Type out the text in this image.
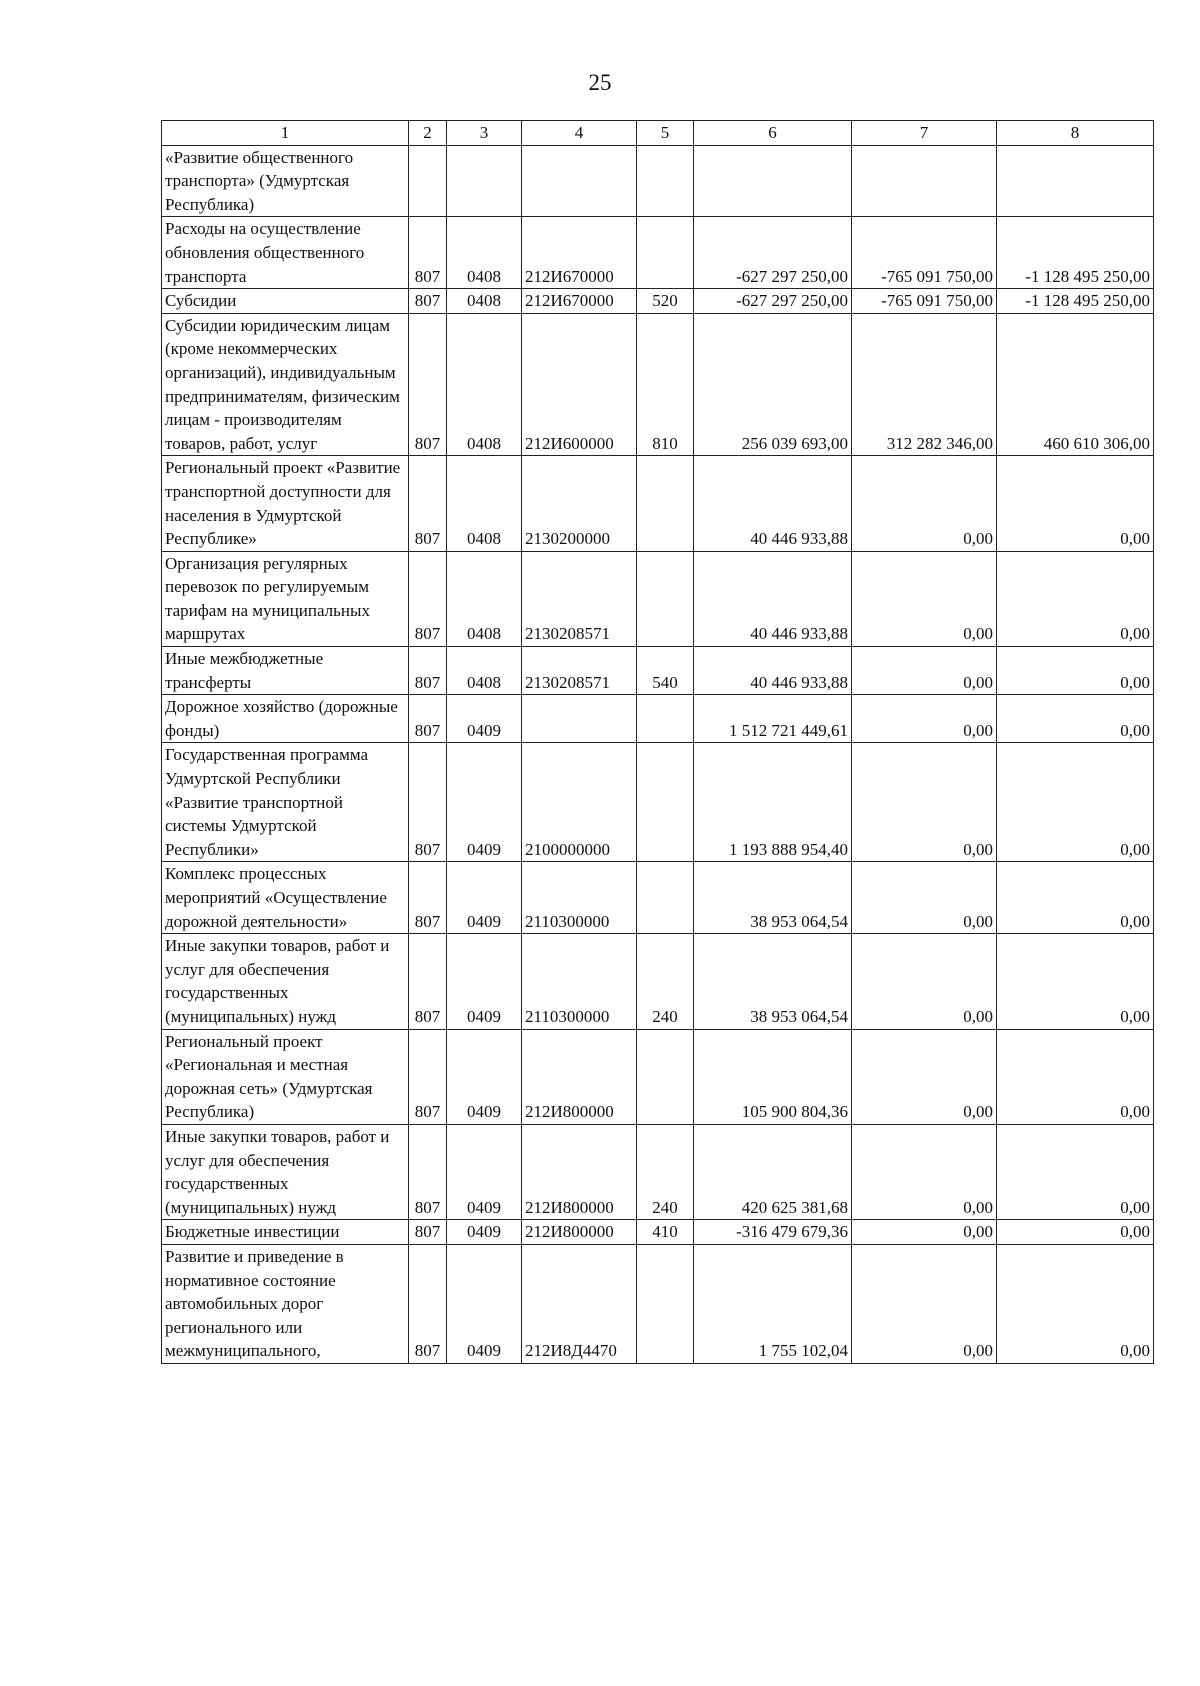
25
1	2	3	4	5	6	7	8
«Развитие общественного транспорта» (Удмуртская Республика)							
Расходы на осуществление обновления общественного транспорта	807	0408	212И670000		-627 297 250,00	-765 091 750,00	-1 128 495 250,00
Субсидии	807	0408	212И670000	520	-627 297 250,00	-765 091 750,00	-1 128 495 250,00
Субсидии юридическим лицам (кроме некоммерческих организаций), индивидуальным предпринимателям, физическим лицам - производителям товаров, работ, услуг	807	0408	212И600000	810	256 039 693,00	312 282 346,00	460 610 306,00
Региональный проект «Развитие транспортной доступности для населения в Удмуртской Республике»	807	0408	2130200000		40 446 933,88	0,00	0,00
Организация регулярных перевозок по регулируемым тарифам на муниципальных маршрутах	807	0408	2130208571		40 446 933,88	0,00	0,00
Иные межбюджетные трансферты	807	0408	2130208571	540	40 446 933,88	0,00	0,00
Дорожное хозяйство (дорожные фонды)	807	0409			1 512 721 449,61	0,00	0,00
Государственная программа Удмуртской Республики «Развитие транспортной системы Удмуртской Республики»	807	0409	2100000000		1 193 888 954,40	0,00	0,00
Комплекс процессных мероприятий «Осуществление дорожной деятельности»	807	0409	2110300000		38 953 064,54	0,00	0,00
Иные закупки товаров, работ и услуг для обеспечения государственных (муниципальных) нужд	807	0409	2110300000	240	38 953 064,54	0,00	0,00
Региональный проект «Региональная и местная дорожная сеть» (Удмуртская Республика)	807	0409	212И800000		105 900 804,36	0,00	0,00
Иные закупки товаров, работ и услуг для обеспечения государственных (муниципальных) нужд	807	0409	212И800000	240	420 625 381,68	0,00	0,00
Бюджетные инвестиции	807	0409	212И800000	410	-316 479 679,36	0,00	0,00
Развитие и приведение в нормативное состояние автомобильных дорог регионального или межмуниципального,	807	0409	212И8Д4470		1 755 102,04	0,00	0,00
